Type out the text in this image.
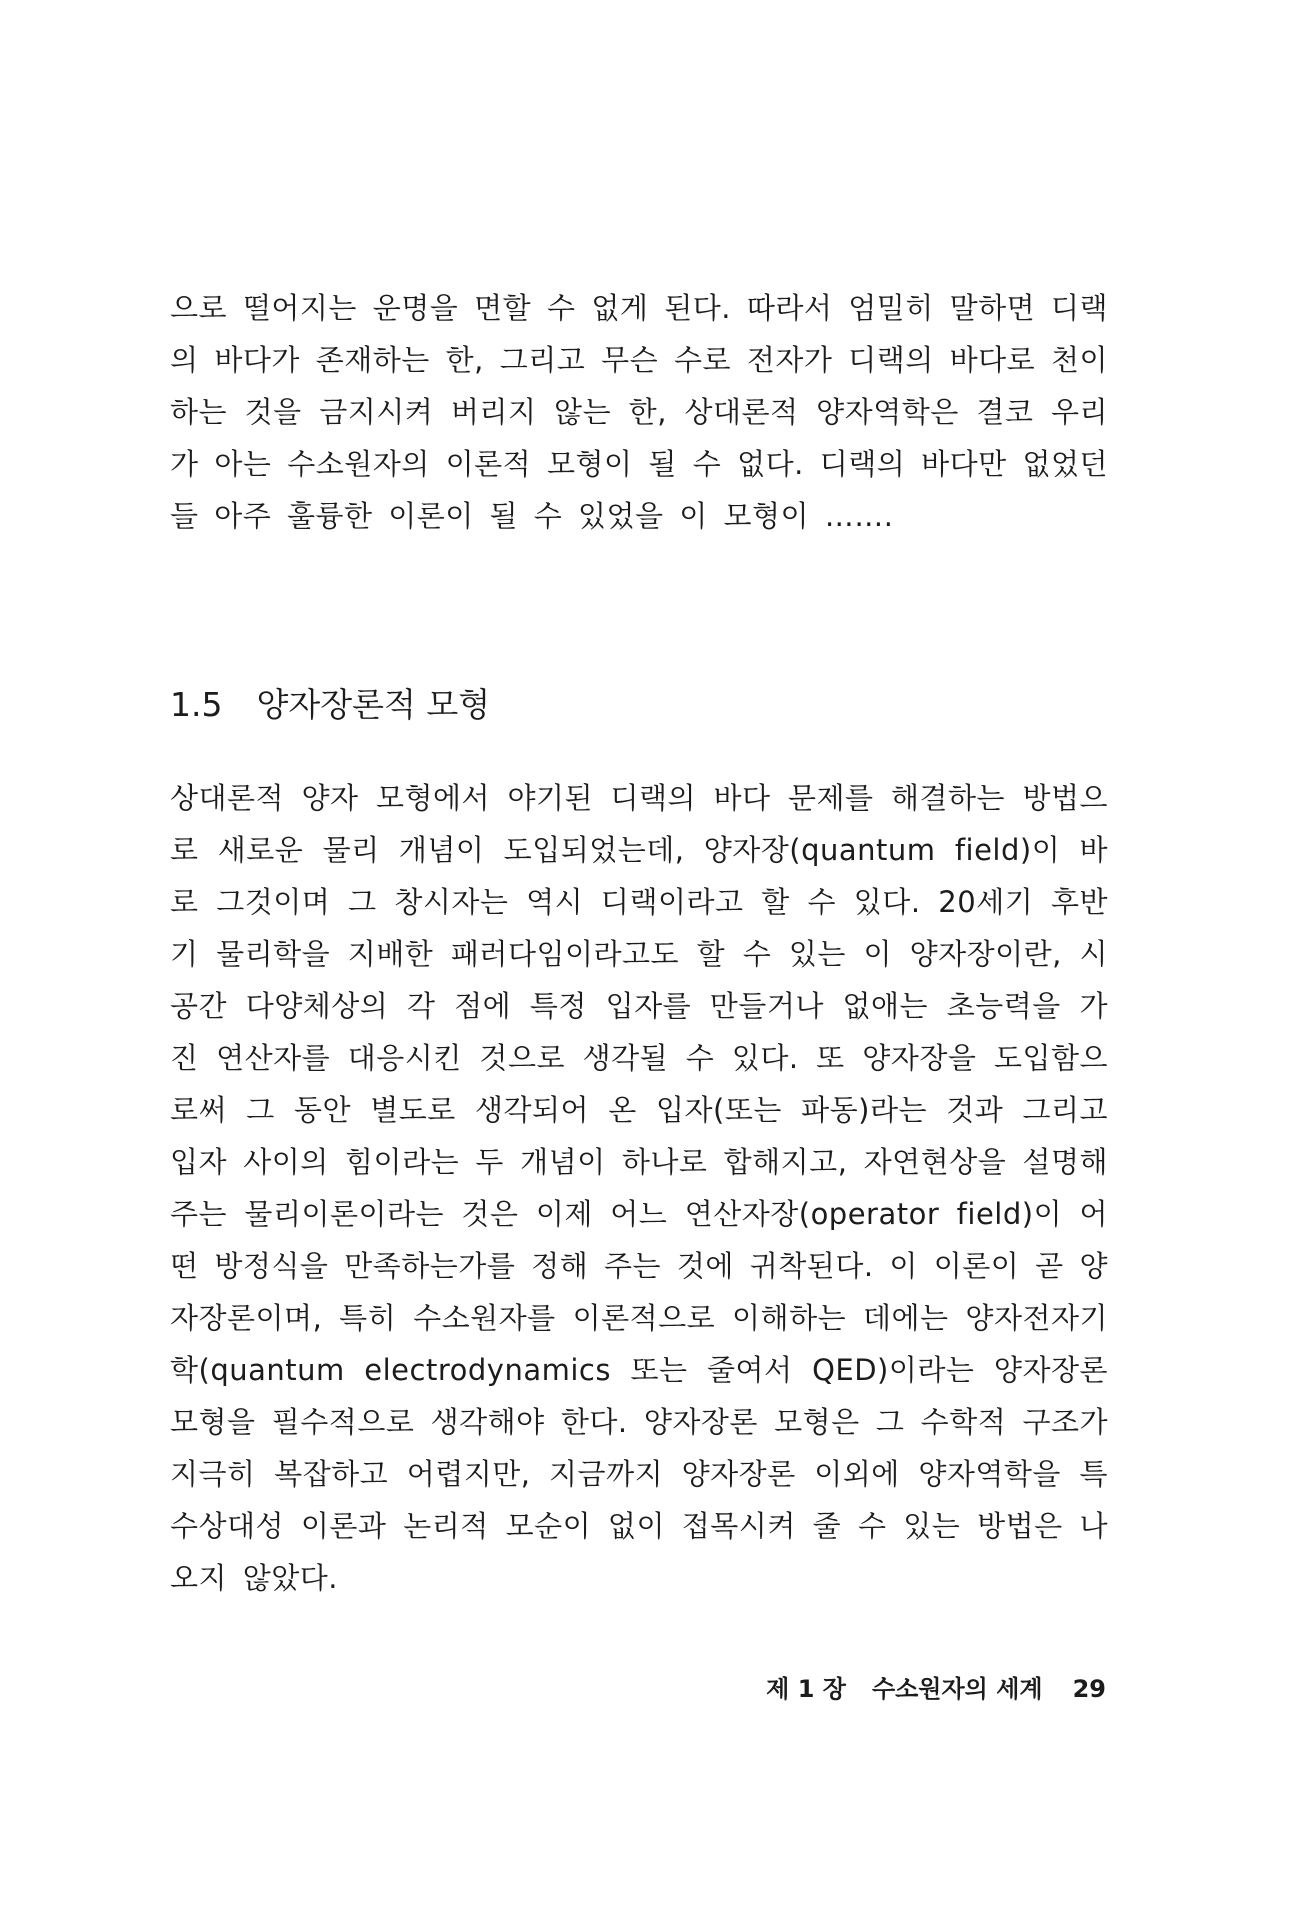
으로 떨어지는 운명을 면할 수 없게 된다. 따라서 엄밀히 말하면 디랙의 바다가 존재하는 한, 그리고 무슨 수로 전자가 디랙의 바다로 천이하는 것을 금지시켜 버리지 않는 한, 상대론적 양자역학은 결코 우리가 아는 수소원자의 이론적 모형이 될 수 없다. 디랙의 바다만 없었던들 아주 훌륭한 이론이 될 수 있었을 이 모형이 …….

1.5 양자장론적 모형

상대론적 양자 모형에서 야기된 디랙의 바다 문제를 해결하는 방법으로 새로운 물리 개념이 도입되었는데, 양자장(quantum field)이 바로 그것이며 그 창시자는 역시 디랙이라고 할 수 있다. 20세기 후반기 물리학을 지배한 패러다임이라고도 할 수 있는 이 양자장이란, 시공간 다양체상의 각 점에 특정 입자를 만들거나 없애는 초능력을 가진 연산자를 대응시킨 것으로 생각될 수 있다. 또 양자장을 도입함으로써 그 동안 별도로 생각되어 온 입자(또는 파동)라는 것과 그리고 입자 사이의 힘이라는 두 개념이 하나로 합해지고, 자연현상을 설명해 주는 물리이론이라는 것은 이제 어느 연산자장(operator field)이 어떤 방정식을 만족하는가를 정해 주는 것에 귀착된다. 이 이론이 곧 양자장론이며, 특히 수소원자를 이론적으로 이해하는 데에는 양자전자기학(quantum electrodynamics 또는 줄여서 QED)이라는 양자장론 모형을 필수적으로 생각해야 한다. 양자장론 모형은 그 수학적 구조가 지극히 복잡하고 어렵지만, 지금까지 양자장론 이외에 양자역학을 특수상대성 이론과 논리적 모순이 없이 접목시켜 줄 수 있는 방법은 나오지 않았다.

제 1 장 수소원자의 세계 29
